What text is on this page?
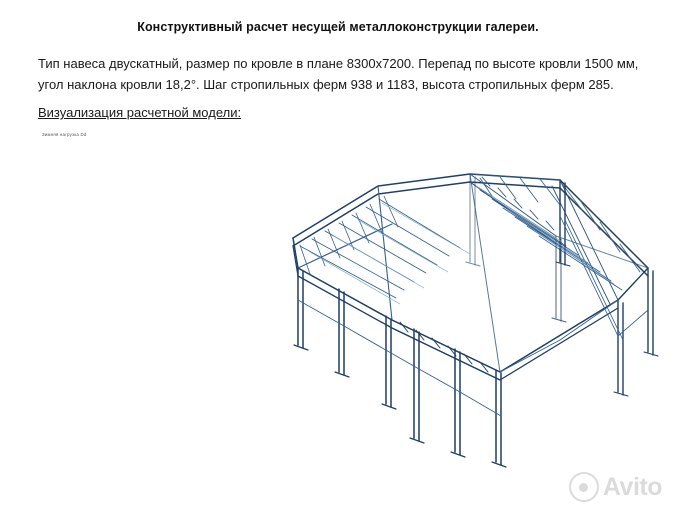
Конструктивный расчет несущей металлоконструкции галереи.
Тип навеса двускатный, размер по кровле в плане 8300x7200. Перепад по высоте кровли 1500 мм, угол наклона кровли 18,2°. Шаг стропильных ферм 938 и 1183, высота стропильных ферм 285.
Визуализация расчетной модели:
Зимняя нагрузка Dd
Avito
